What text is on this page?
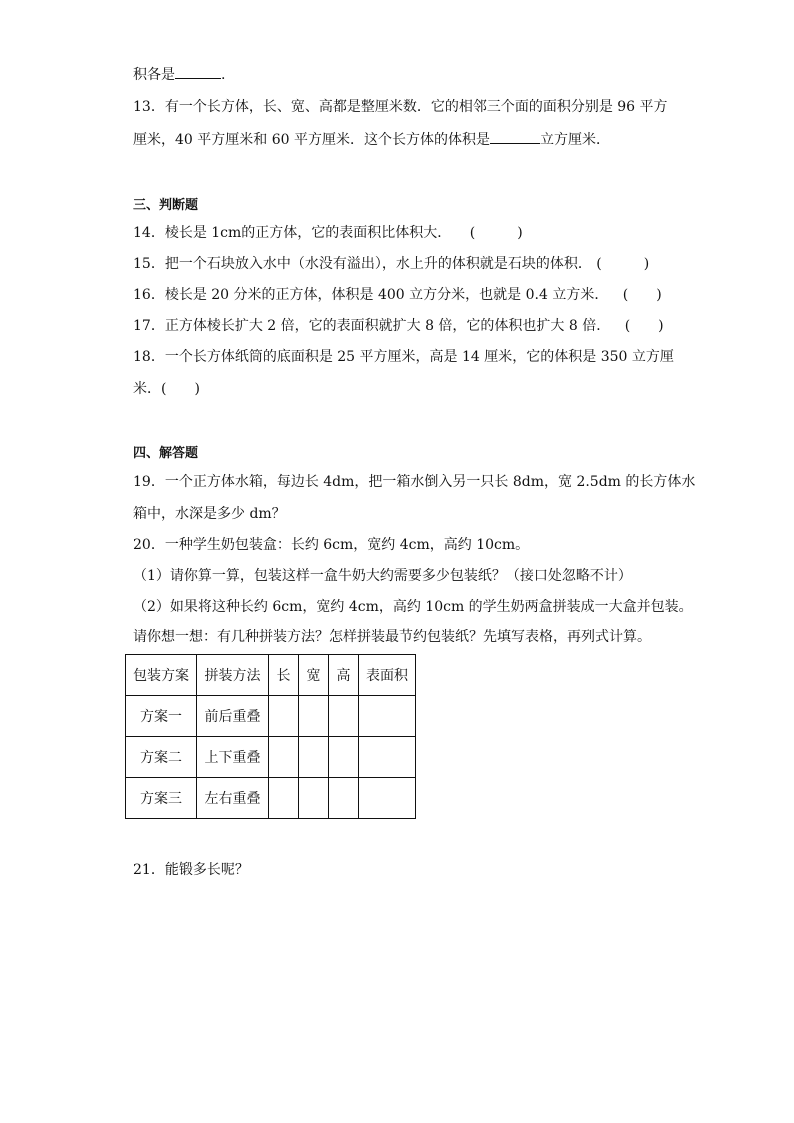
积各是	.
13．有一个长方体，长、宽、高都是整厘米数．它的相邻三个面的面积分别是 96 平方
厘米，40 平方厘米和 60 平方厘米．这个长方体的体积是	立方厘米．
三、判断题
14．棱长是 1cm的正方体，它的表面积比体积大． (　　　)
15．把一个石块放入水中（水没有溢出），水上升的体积就是石块的体积． (　　　)
16．棱长是 20 分米的正方体，体积是 400 立方分米，也就是 0.4 立方米． (　　)
17．正方体棱长扩大 2 倍，它的表面积就扩大 8 倍，它的体积也扩大 8 倍． (　　)
18．一个长方体纸筒的底面积是 25 平方厘米，高是 14 厘米，它的体积是 350 立方厘
米．(　　)
四、解答题
19．一个正方体水箱，每边长 4dm，把一箱水倒入另一只长 8dm，宽 2.5dm 的长方体水
箱中，水深是多少 dm？
20．一种学生奶包装盒：长约 6cm，宽约 4cm，高约 10cm。
（1）请你算一算，包装这样一盒牛奶大约需要多少包装纸？（接口处忽略不计）
（2）如果将这种长约 6cm，宽约 4cm，高约 10cm 的学生奶两盒拼装成一大盒并包装。
请你想一想：有几种拼装方法？怎样拼装最节约包装纸？先填写表格，再列式计算。
包装方案	拼装方法	长	宽	高	表面积
方案一	前后重叠				
方案二	上下重叠				
方案三	左右重叠				
21．能锻多长呢？
